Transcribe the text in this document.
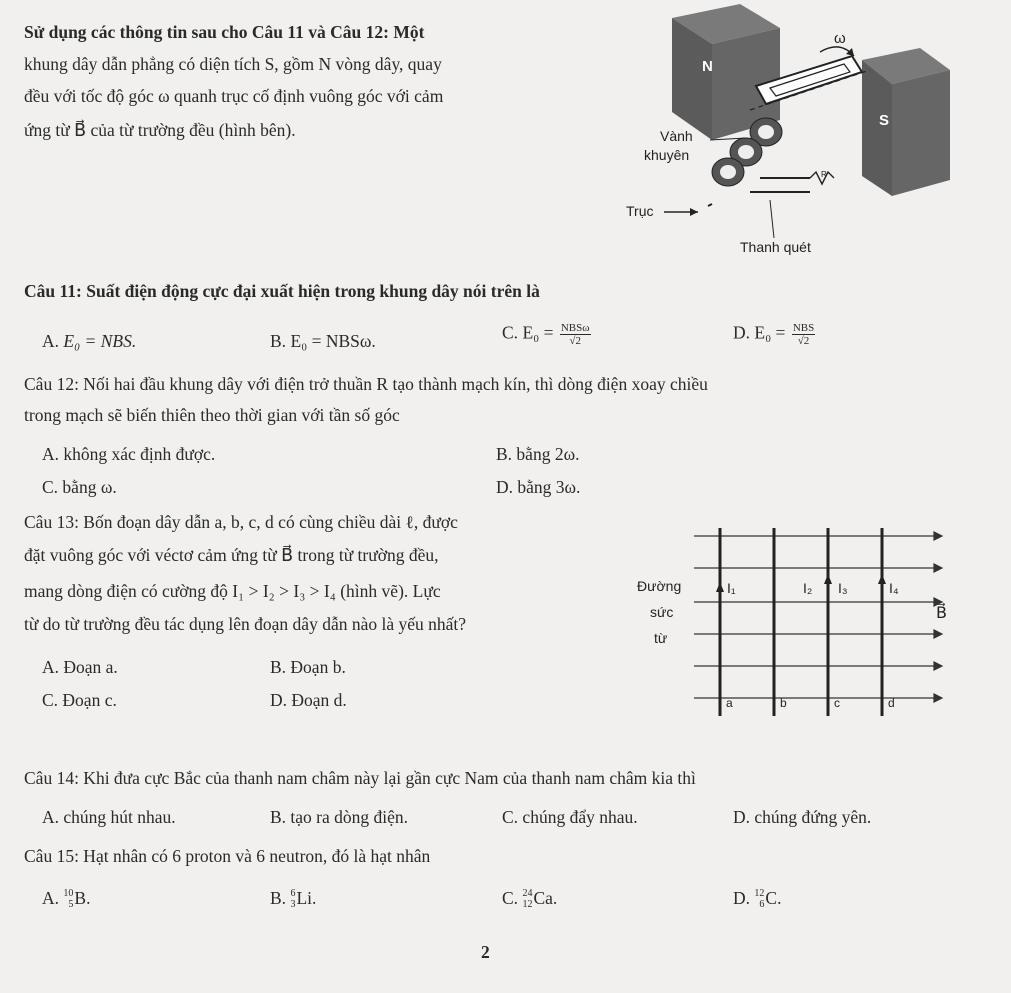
Sử dụng các thông tin sau cho Câu 11 và Câu 12: Một
khung dây dẫn phẳng có diện tích S, gồm N vòng dây, quay
đều với tốc độ góc ω quanh trục cố định vuông góc với cảm
ứng từ B⃗ của từ trường đều (hình bên).
ω
N
S
Vành
khuyên
R
Trục
Thanh quét
Câu 11: Suất điện động cực đại xuất hiện trong khung dây nói trên là
A. E₀ = NBS.	B. E₀ = NBSω.	C. $E_0 = \frac{\text{NBSω}}{√2}$	D. $E_0 = \frac{\text{NBS}}{√2}$
Câu 12: Nối hai đầu khung dây với điện trở thuần R tạo thành mạch kín, thì dòng điện xoay chiều
trong mạch sẽ biến thiên theo thời gian với tần số góc
A. không xác định được.	B. bằng 2ω.
C. bằng ω.	D. bằng 3ω.
Câu 13: Bốn đoạn dây dẫn a, b, c, d có cùng chiều dài ℓ, được
đặt vuông góc với véctơ cảm ứng từ B⃗ trong từ trường đều,
mang dòng điện có cường độ I₁ > I₂ > I₃ > I₄ (hình vẽ). Lực
từ do từ trường đều tác dụng lên đoạn dây dẫn nào là yếu nhất?
A. Đoạn a.	B. Đoạn b.
C. Đoạn c.	D. Đoạn d.
Đường
sức
từ
I₁	I₂ I₃	I₄
B⃗
a	b	c	d
Câu 14: Khi đưa cực Bắc của thanh nam châm này lại gần cực Nam của thanh nam châm kia thì
A. chúng hút nhau.	B. tạo ra dòng điện.	C. chúng đẩy nhau.	D. chúng đứng yên.
Câu 15: Hạt nhân có 6 proton và 6 neutron, đó là hạt nhân
A. 10
5 B.	B. 6
3 Li.	C. 24
12 Ca.	D. 12
6 C.
2
